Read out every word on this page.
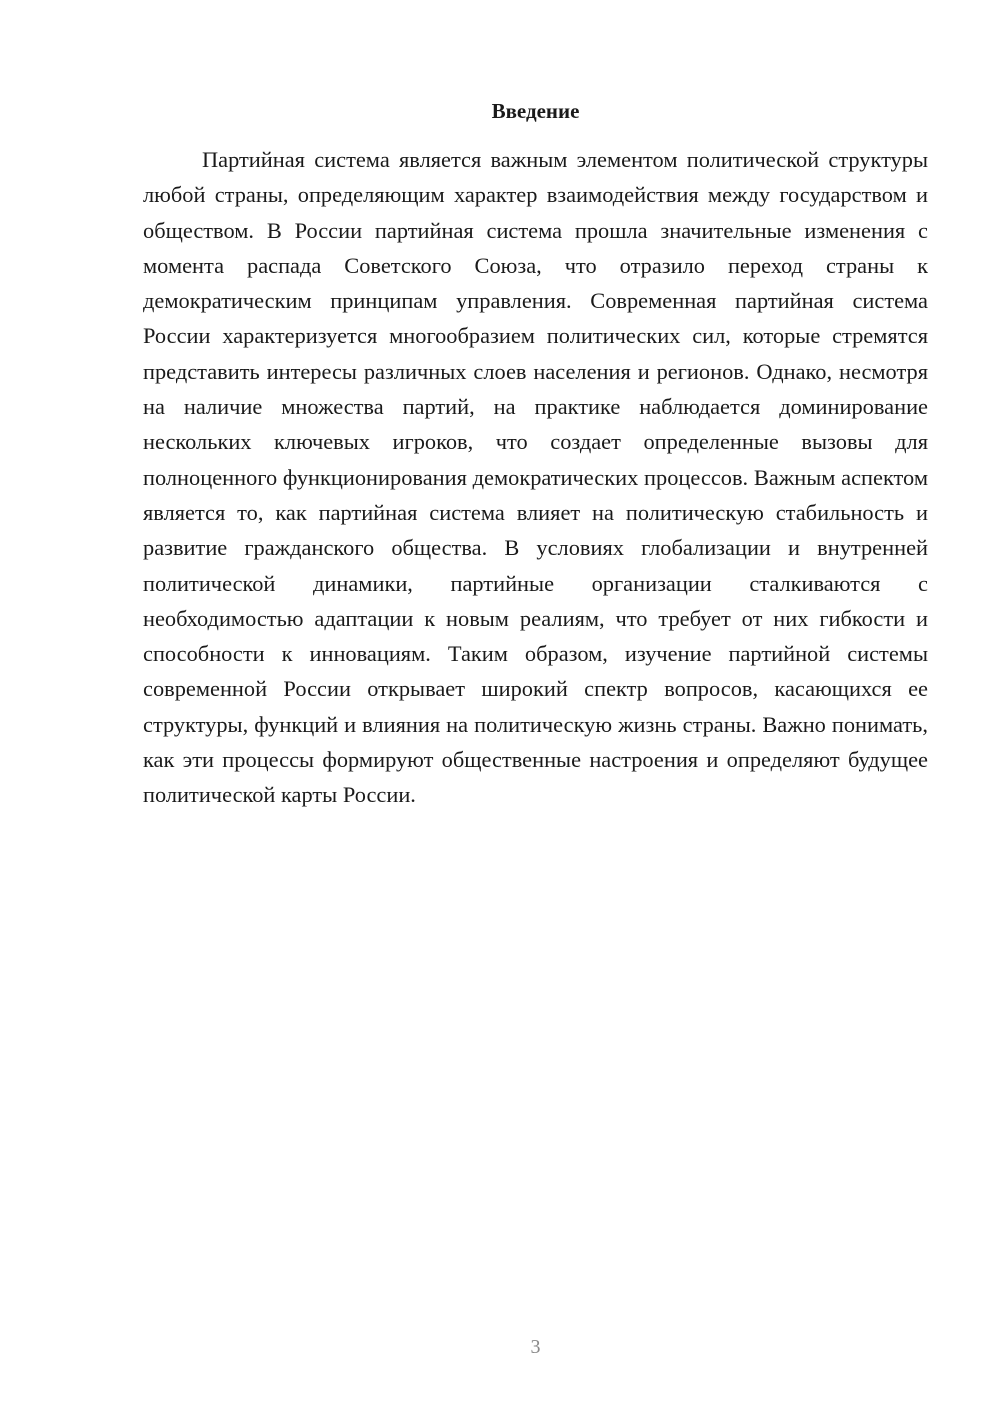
Введение

Партийная система является важным элементом политической структуры любой страны, определяющим характер взаимодействия между государством и обществом. В России партийная система прошла значительные изменения с момента распада Советского Союза, что отразило переход страны к демократическим принципам управления. Современная партийная система России характеризуется многообразием политических сил, которые стремятся представить интересы различных слоев населения и регионов. Однако, несмотря на наличие множества партий, на практике наблюдается доминирование нескольких ключевых игроков, что создает определенные вызовы для полноценного функционирования демократических процессов. Важным аспектом является то, как партийная система влияет на политическую стабильность и развитие гражданского общества. В условиях глобализации и внутренней политической динамики, партийные организации сталкиваются с необходимостью адаптации к новым реалиям, что требует от них гибкости и способности к инновациям. Таким образом, изучение партийной системы современной России открывает широкий спектр вопросов, касающихся ее структуры, функций и влияния на политическую жизнь страны. Важно понимать, как эти процессы формируют общественные настроения и определяют будущее политической карты России.

3
